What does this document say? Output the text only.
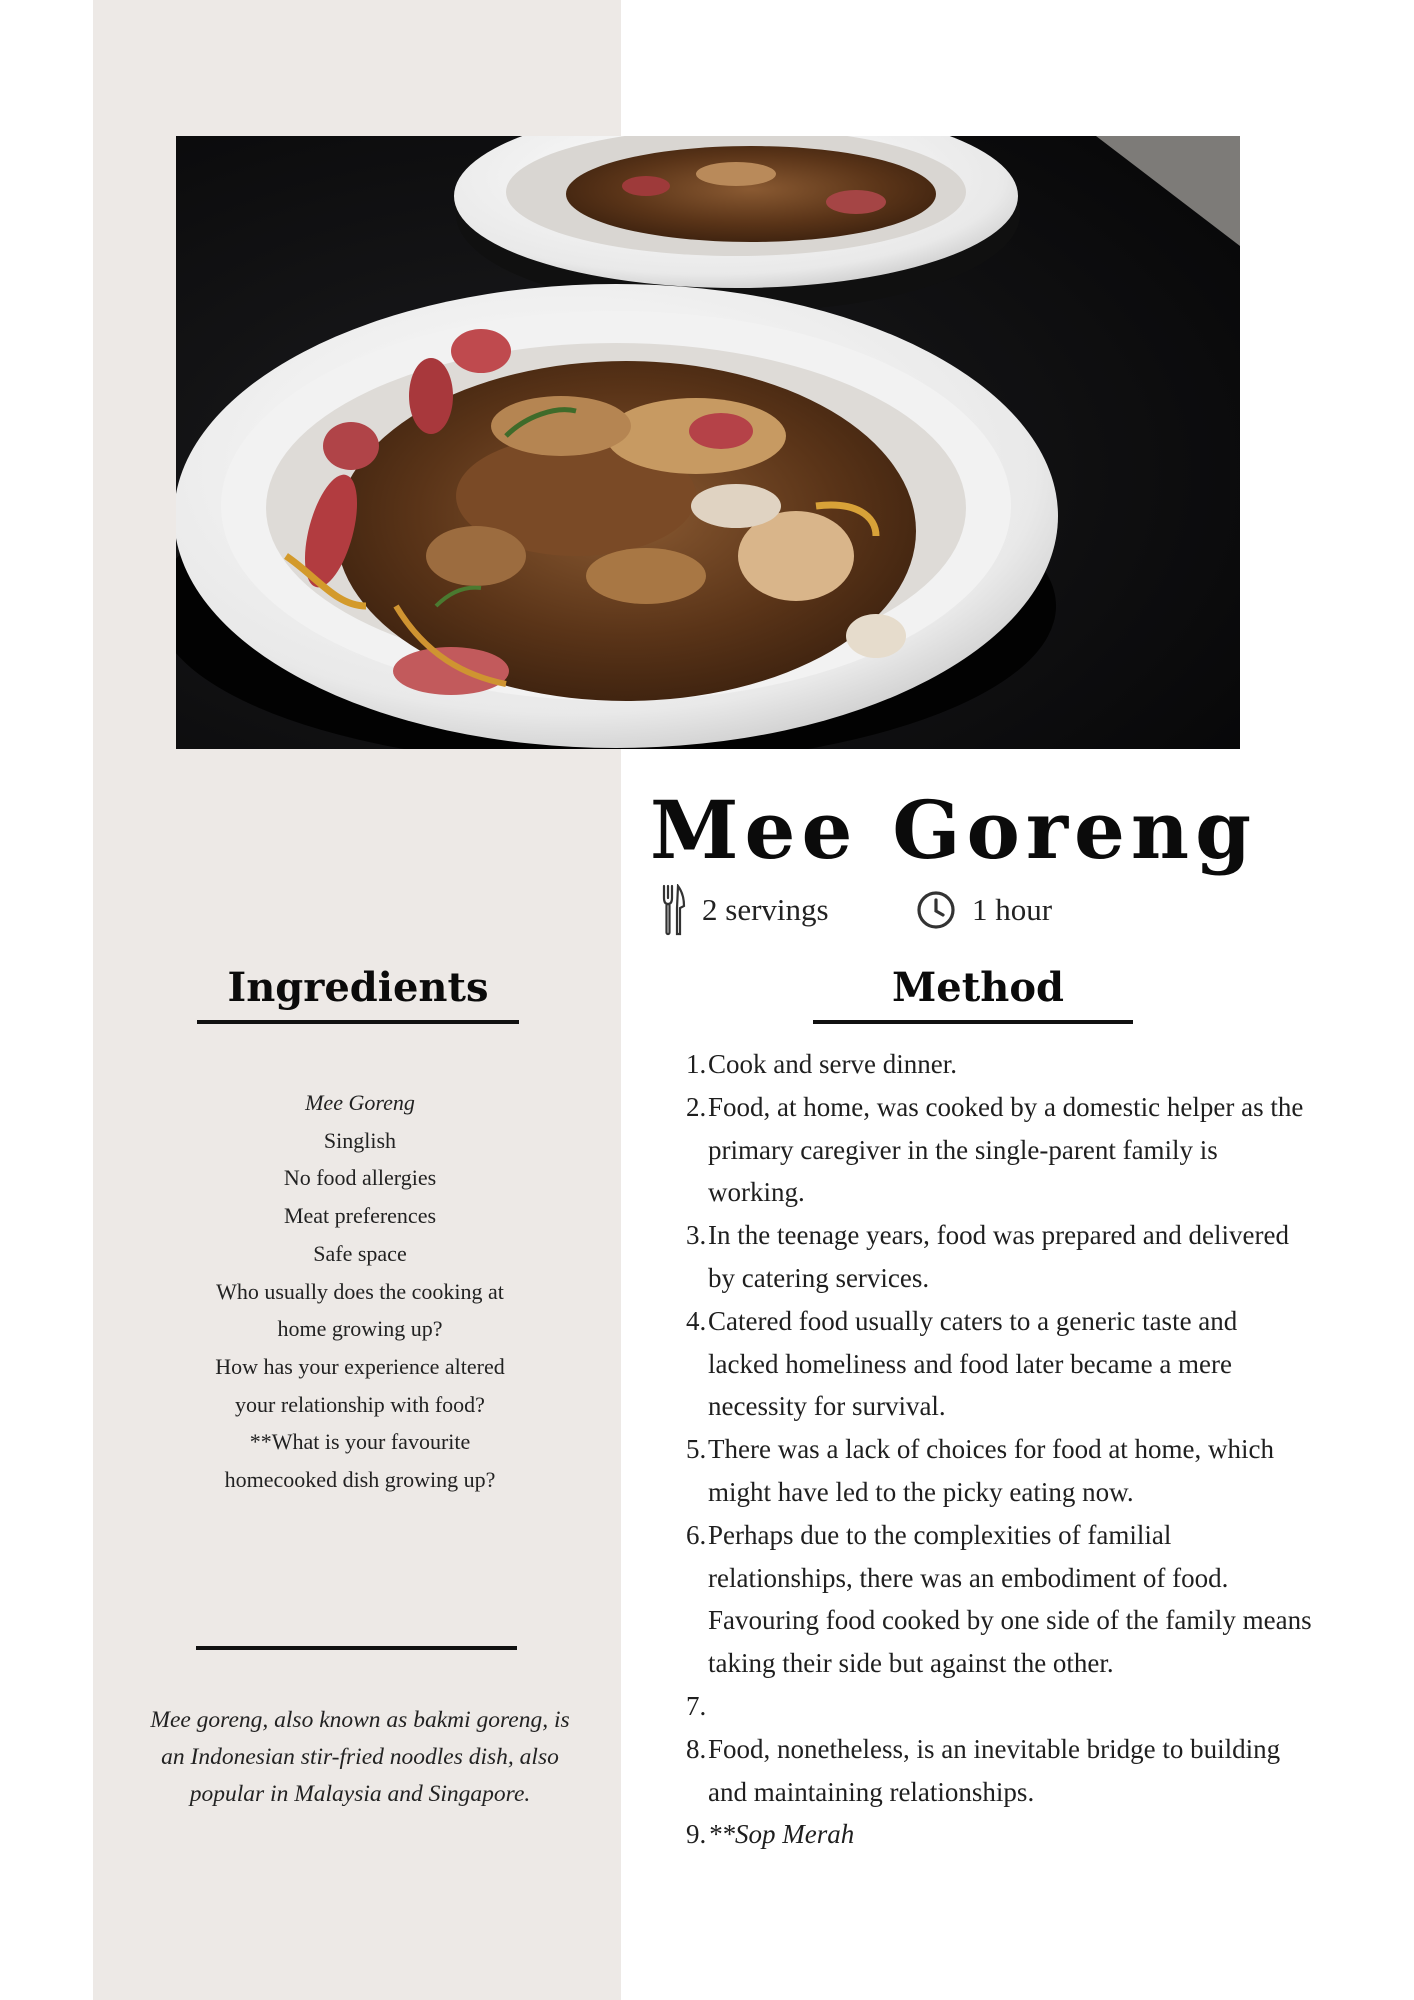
Mee Goreng
2 servings	1 hour
Ingredients	Method
Mee Goreng
Singlish
No food allergies
Meat preferences
Safe space
Who usually does the cooking at
home growing up?
How has your experience altered
your relationship with food?
**What is your favourite
homecooked dish growing up?

Mee goreng, also known as bakmi goreng, is an Indonesian stir-fried noodles dish, also popular in Malaysia and Singapore.

1. Cook and serve dinner.
2. Food, at home, was cooked by a domestic helper as the primary caregiver in the single-parent family is working.
3. In the teenage years, food was prepared and delivered by catering services.
4. Catered food usually caters to a generic taste and lacked homeliness and food later became a mere necessity for survival.
5. There was a lack of choices for food at home, which might have led to the picky eating now.
6. Perhaps due to the complexities of familial relationships, there was an embodiment of food. Favouring food cooked by one side of the family means taking their side but against the other.
7.
8. Food, nonetheless, is an inevitable bridge to building and maintaining relationships.
9. **Sop Merah
